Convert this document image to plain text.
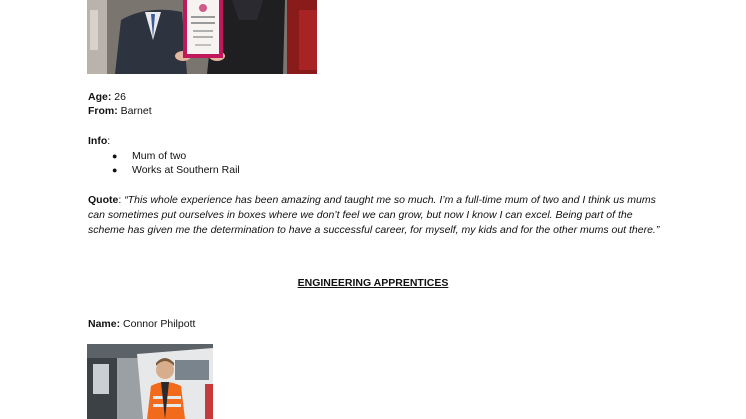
Age: 26
From: Barnet
Info:
● Mum of two
● Works at Southern Rail
Quote: “This whole experience has been amazing and taught me so much. I’m a full-time mum of two and I think us mums can sometimes put ourselves in boxes where we don’t feel we can grow, but now I know I can excel. Being part of the scheme has given me the determination to have a successful career, for myself, my kids and for the other mums out there.”
ENGINEERING APPRENTICES
Name: Connor Philpott
